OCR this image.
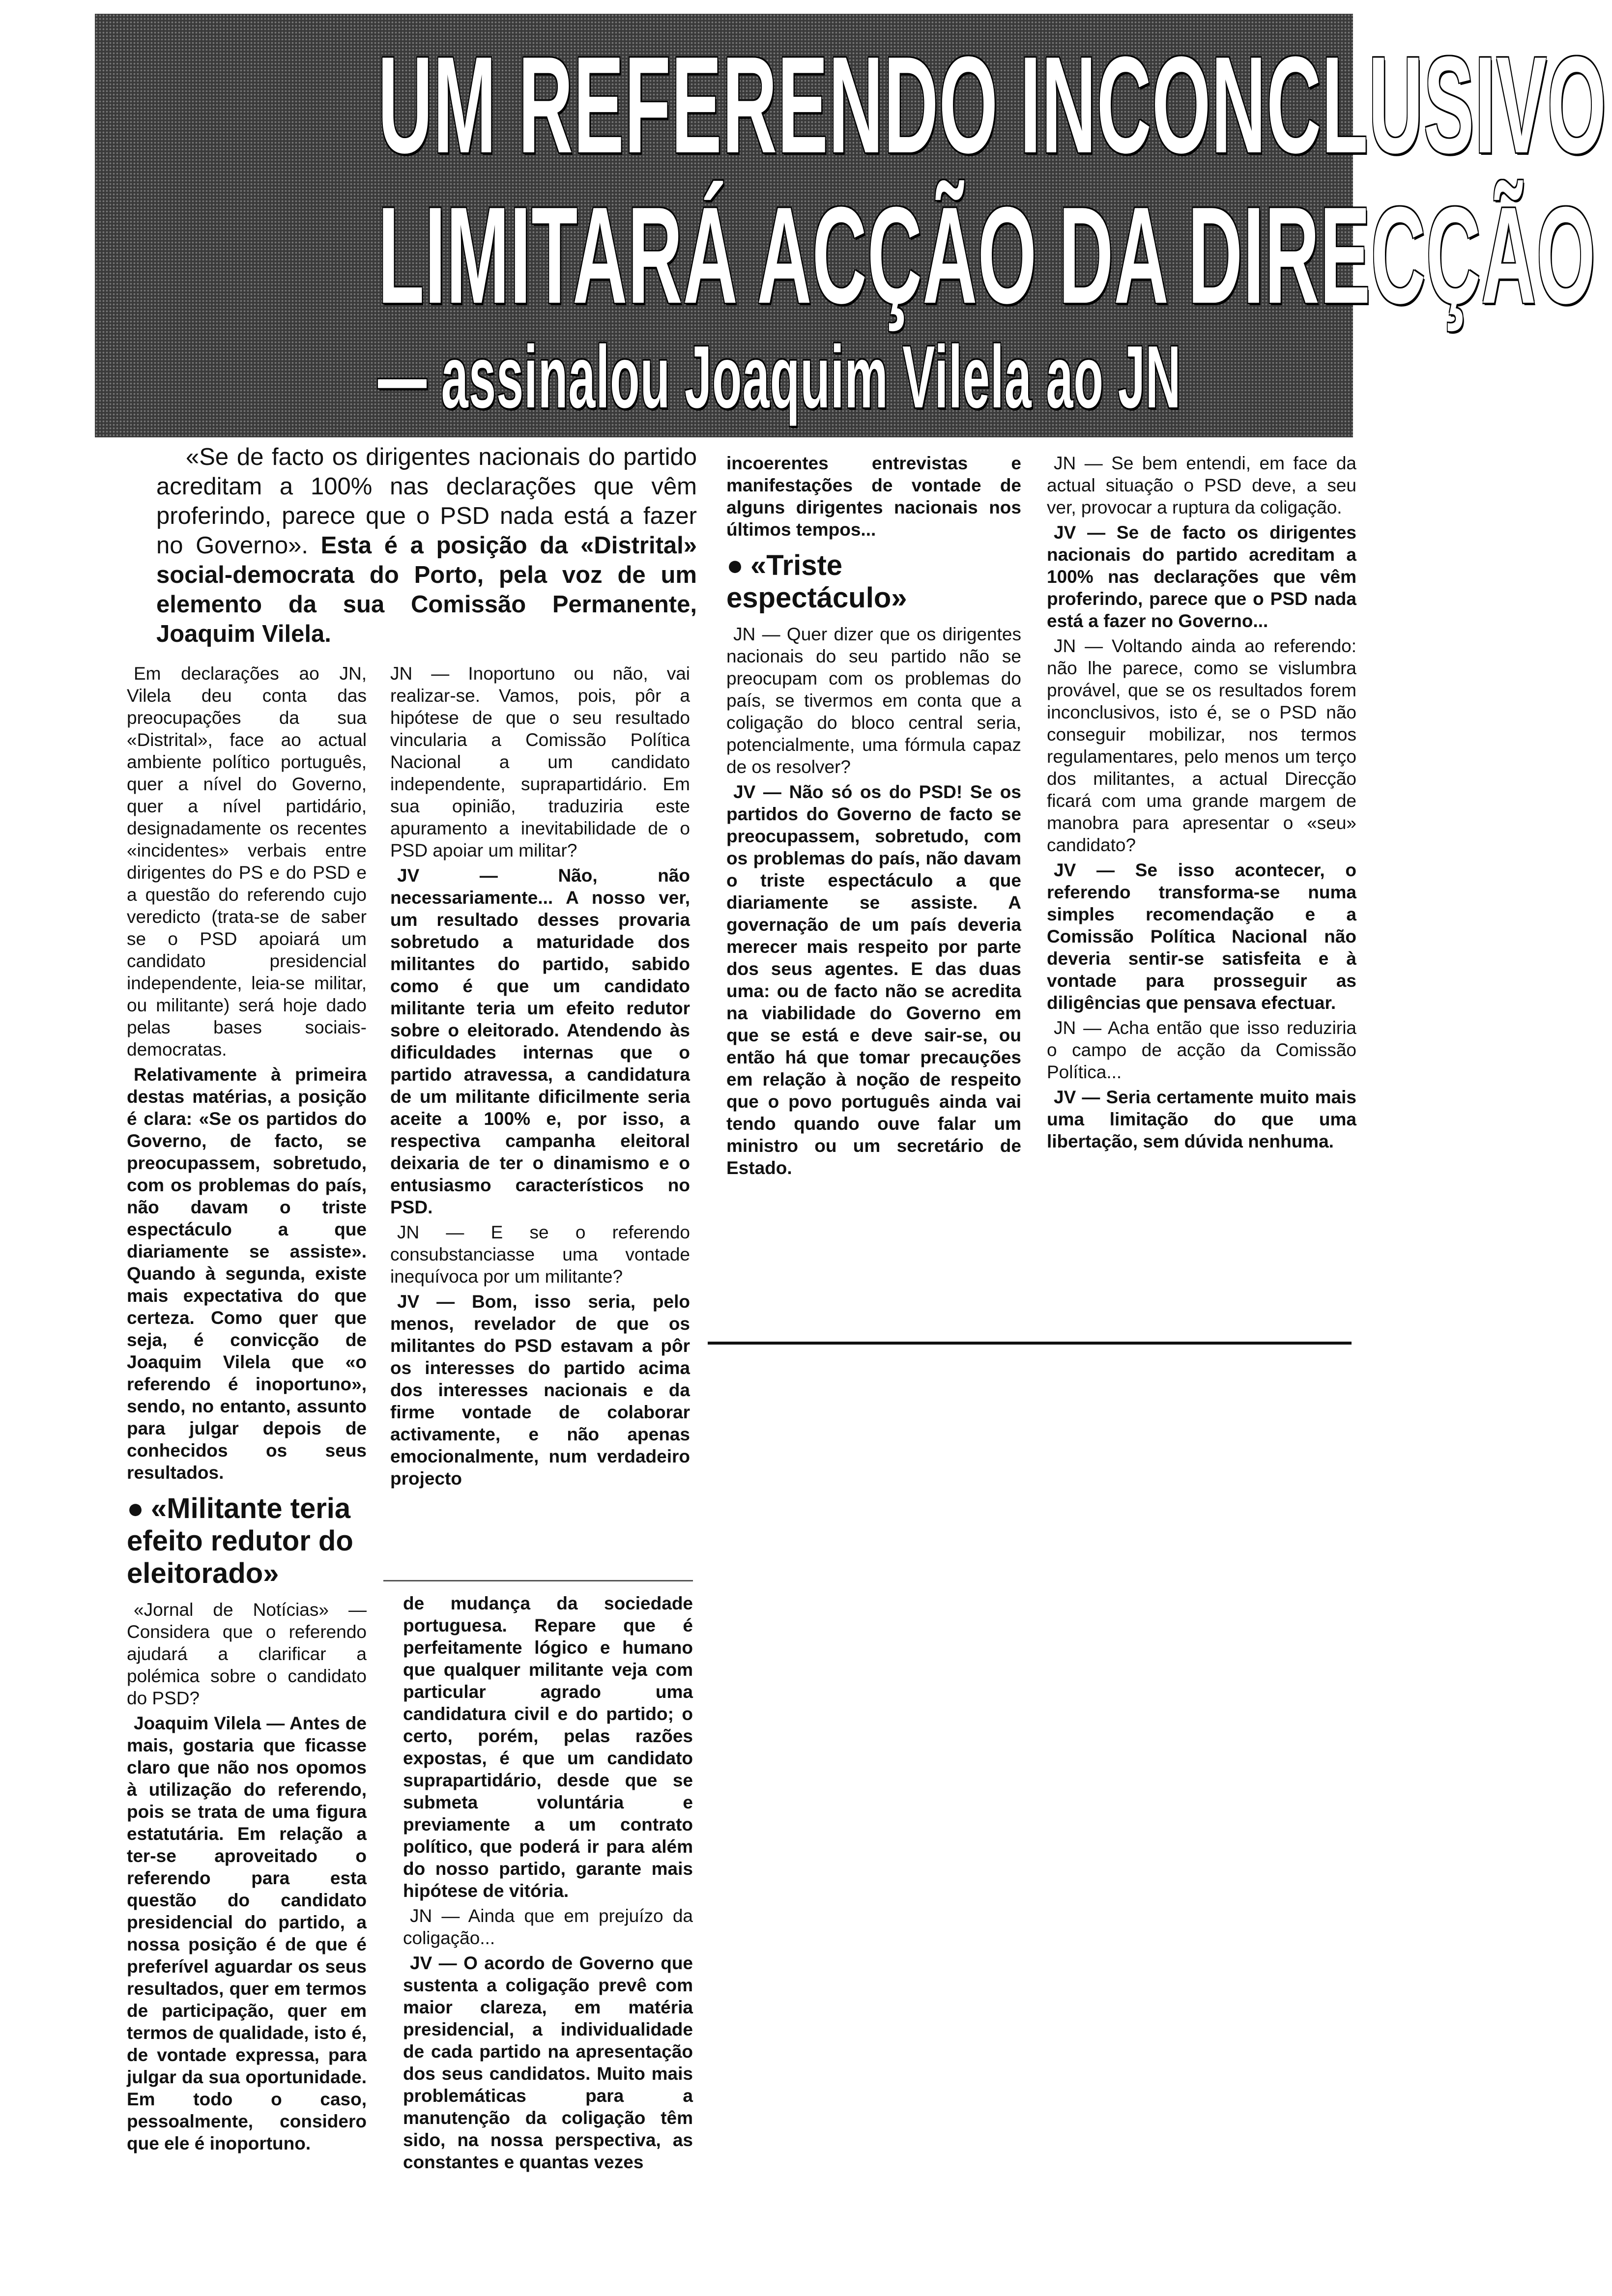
UM REFERENDO INCONCLUSIVO
LIMITARÁ ACÇÃO DA DIRECÇÃO
— assinalou Joaquim Vilela ao JN
«Se de facto os dirigentes nacionais do partido acreditam a 100% nas declarações que vêm proferindo, parece que o PSD nada está a fazer no Governo». Esta é a posição da «Distrital» social-democrata do Porto, pela voz de um elemento da sua Comissão Permanente, Joaquim Vilela.

Em declarações ao JN, Vilela deu conta das preocupações da sua «Distrital», face ao actual ambiente político português, quer a nível do Governo, quer a nível partidário, designadamente os recentes «incidentes» verbais entre dirigentes do PS e do PSD e a questão do referendo cujo veredicto (trata-se de saber se o PSD apoiará um candidato presidencial independente, leia-se militar, ou militante) será hoje dado pelas bases sociais-democratas.

Relativamente à primeira destas matérias, a posição é clara: «Se os partidos do Governo, de facto, se preocupassem, sobretudo, com os problemas do país, não davam o triste espectáculo a que diariamente se assiste». Quando à segunda, existe mais expectativa do que certeza. Como quer que seja, é convicção de Joaquim Vilela que «o referendo é inoportuno», sendo, no entanto, assunto para julgar depois de conhecidos os seus resultados.

● «Militante teria efeito redutor do eleitorado»

«Jornal de Notícias» — Considera que o referendo ajudará a clarificar a polémica sobre o candidato do PSD?

Joaquim Vilela — Antes de mais, gostaria que ficasse claro que não nos opomos à utilização do referendo, pois se trata de uma figura estatutária. Em relação a ter-se aproveitado o referendo para esta questão do candidato presidencial do partido, a nossa posição é de que é preferível aguardar os seus resultados, quer em termos de participação, quer em termos de qualidade, isto é, de vontade expressa, para julgar da sua oportunidade. Em todo o caso, pessoalmente, considero que ele é inoportuno.

JN — Inoportuno ou não, vai realizar-se. Vamos, pois, pôr a hipótese de que o seu resultado vincularia a Comissão Política Nacional a um candidato independente, suprapartidário. Em sua opinião, traduziria este apuramento a inevitabilidade de o PSD apoiar um militar?

JV — Não, não necessariamente... A nosso ver, um resultado desses provaria sobretudo a maturidade dos militantes do partido, sabido como é que um candidato militante teria um efeito redutor sobre o eleitorado. Atendendo às dificuldades internas que o partido atravessa, a candidatura de um militante dificilmente seria aceite a 100% e, por isso, a respectiva campanha eleitoral deixaria de ter o dinamismo e o entusiasmo característicos no PSD.

JN — E se o referendo consubstanciasse uma vontade inequívoca por um militante?

JV — Bom, isso seria, pelo menos, revelador de que os militantes do PSD estavam a pôr os interesses do partido acima dos interesses nacionais e da firme vontade de colaborar activamente, e não apenas emocionalmente, num verdadeiro projecto

de mudança da sociedade portuguesa. Repare que é perfeitamente lógico e humano que qualquer militante veja com particular agrado uma candidatura civil e do partido; o certo, porém, pelas razões expostas, é que um candidato suprapartidário, desde que se submeta voluntária e previamente a um contrato político, que poderá ir para além do nosso partido, garante mais hipótese de vitória.

JN — Ainda que em prejuízo da coligação...

JV — O acordo de Governo que sustenta a coligação prevê com maior clareza, em matéria presidencial, a individualidade de cada partido na apresentação dos seus candidatos. Muito mais problemáticas para a manutenção da coligação têm sido, na nossa perspectiva, as constantes e quantas vezes

incoerentes entrevistas e manifestações de vontade de alguns dirigentes nacionais nos últimos tempos...

● «Triste espectáculo»

JN — Quer dizer que os dirigentes nacionais do seu partido não se preocupam com os problemas do país, se tivermos em conta que a coligação do bloco central seria, potencialmente, uma fórmula capaz de os resolver?

JV — Não só os do PSD! Se os partidos do Governo de facto se preocupassem, sobretudo, com os problemas do país, não davam o triste espectáculo a que diariamente se assiste. A governação de um país deveria merecer mais respeito por parte dos seus agentes. E das duas uma: ou de facto não se acredita na viabilidade do Governo em que se está e deve sair-se, ou então há que tomar precauções em relação à noção de respeito que o povo português ainda vai tendo quando ouve falar um ministro ou um secretário de Estado.

JN — Se bem entendi, em face da actual situação o PSD deve, a seu ver, provocar a ruptura da coligação.

JV — Se de facto os dirigentes nacionais do partido acreditam a 100% nas declarações que vêm proferindo, parece que o PSD nada está a fazer no Governo...

JN — Voltando ainda ao referendo: não lhe parece, como se vislumbra provável, que se os resultados forem inconclusivos, isto é, se o PSD não conseguir mobilizar, nos termos regulamentares, pelo menos um terço dos militantes, a actual Direcção ficará com uma grande margem de manobra para apresentar o «seu» candidato?

JV — Se isso acontecer, o referendo transforma-se numa simples recomendação e a Comissão Política Nacional não deveria sentir-se satisfeita e à vontade para prosseguir as diligências que pensava efectuar.

JN — Acha então que isso reduziria o campo de acção da Comissão Política...

JV — Seria certamente muito mais uma limitação do que uma libertação, sem dúvida nenhuma.
